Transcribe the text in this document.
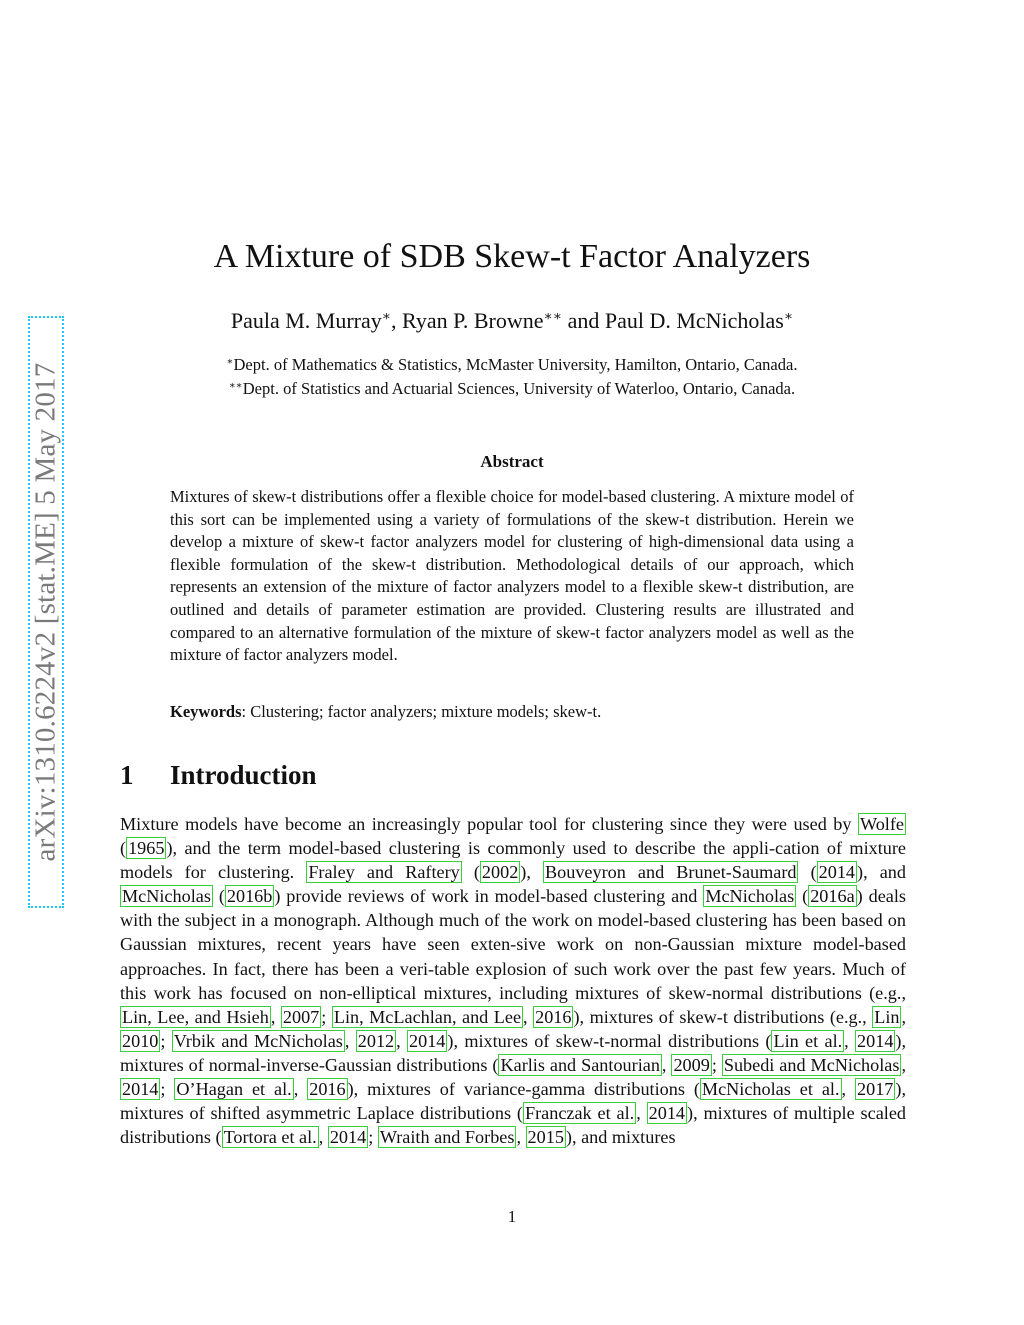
arXiv:1310.6224v2 [stat.ME] 5 May 2017
A Mixture of SDB Skew-t Factor Analyzers
Paula M. Murray∗, Ryan P. Browne∗∗ and Paul D. McNicholas∗
∗Dept. of Mathematics & Statistics, McMaster University, Hamilton, Ontario, Canada.
∗∗Dept. of Statistics and Actuarial Sciences, University of Waterloo, Ontario, Canada.
Abstract
Mixtures of skew-t distributions offer a flexible choice for model-based clustering. A mixture model of this sort can be implemented using a variety of formulations of the skew-t distribution. Herein we develop a mixture of skew-t factor analyzers model for clustering of high-dimensional data using a flexible formulation of the skew-t distribution. Methodological details of our approach, which represents an extension of the mixture of factor analyzers model to a flexible skew-t distribution, are outlined and details of parameter estimation are provided. Clustering results are illustrated and compared to an alternative formulation of the mixture of skew-t factor analyzers model as well as the mixture of factor analyzers model.
Keywords: Clustering; factor analyzers; mixture models; skew-t.
1 Introduction
Mixture models have become an increasingly popular tool for clustering since they were used by Wolfe ( 1965 ), and the term model-based clustering is commonly used to describe the appli-cation of mixture models for clustering. Fraley and Raftery ( 2002 ), Bouveyron and Brunet-Saumard ( 2014 ), and McNicholas ( 2016b ) provide reviews of work in model-based clustering and McNicholas ( 2016a ) deals with the subject in a monograph. Although much of the work on model-based clustering has been based on Gaussian mixtures, recent years have seen exten-sive work on non-Gaussian mixture model-based approaches. In fact, there has been a veri-table explosion of such work over the past few years. Much of this work has focused on non-elliptical mixtures, including mixtures of skew-normal distributions (e.g., Lin, Lee, and Hsieh , 2007 ; Lin, McLachlan, and Lee , 2016 ), mixtures of skew-t distributions (e.g., Lin , 2010 ; Vrbik and McNicholas , 2012 , 2014 ), mixtures of skew-t-normal distributions ( Lin et al. , 2014 ), mixtures of normal-inverse-Gaussian distributions ( Karlis and Santourian , 2009 ; Subedi and McNicholas , 2014 ; O’Hagan et al. , 2016 ), mixtures of variance-gamma distributions ( McNicholas et al. , 2017 ), mixtures of shifted asymmetric Laplace distributions ( Franczak et al. , 2014 ), mixtures of multiple scaled distributions ( Tortora et al. , 2014 ; Wraith and Forbes , 2015 ), and mixtures
1
